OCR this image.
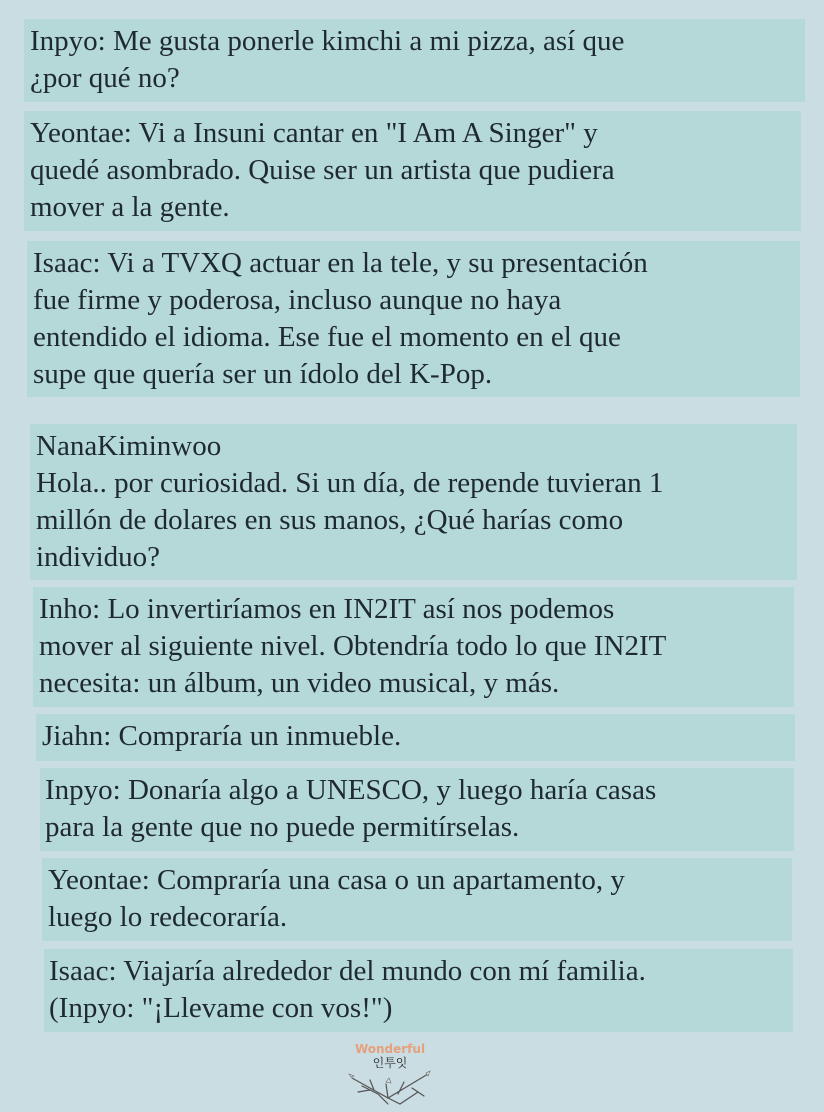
Inpyo: Me gusta ponerle kimchi a mi pizza, así que
¿por qué no?
Yeontae: Vi a Insuni cantar en "I Am A Singer" y
quedé asombrado. Quise ser un artista que pudiera
mover a la gente.
Isaac: Vi a TVXQ actuar en la tele, y su presentación
fue firme y poderosa, incluso aunque no haya
entendido el idioma. Ese fue el momento en el que
supe que quería ser un ídolo del K-Pop.
NanaKiminwoo
Hola.. por curiosidad. Si un día, de repende tuvieran 1
millón de dolares en sus manos, ¿Qué harías como
individuo?
Inho: Lo invertiríamos en IN2IT así nos podemos
mover al siguiente nivel. Obtendría todo lo que IN2IT
necesita: un álbum, un video musical, y más.
Jiahn: Compraría un inmueble.
Inpyo: Donaría algo a UNESCO, y luego haría casas
para la gente que no puede permitírselas.
Yeontae: Compraría una casa o un apartamento, y
luego lo redecoraría.
Isaac: Viajaría alrededor del mundo con mí familia.
(Inpyo: "¡Llevame con vos!")
Wonderful
인투잇
